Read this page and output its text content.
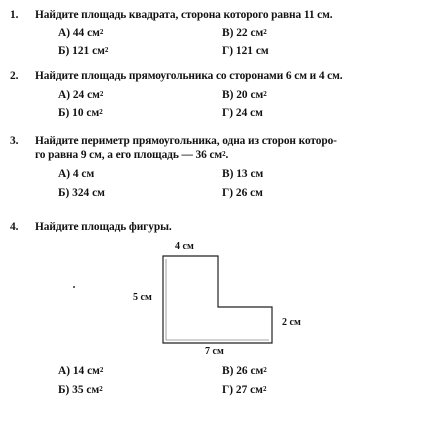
1.	Найдите площадь квадрата, сторона которого равна 11 см.
А) 44 $см^2$	В) 22 $см^2$
Б) 121 $см^2$	Г) 121 см
2.	Найдите площадь прямоугольника со сторонами 6 см и 4 см.
А) 24 $см^2$	В) 20 $см^2$
Б) 10 $см^2$	Г) 24 см
3.	Найдите периметр прямоугольника, одна из сторон которо-
го равна 9 см, а его площадь — 36 $см^2$.
А) 4 см	В) 13 см
Б) 324 см	Г) 26 см
4.	Найдите площадь фигуры.
4 см
5 см
2 см
7 см
А) 14 $см^2$	В) 26 $см^2$
Б) 35 $см^2$	Г) 27 $см^2$
